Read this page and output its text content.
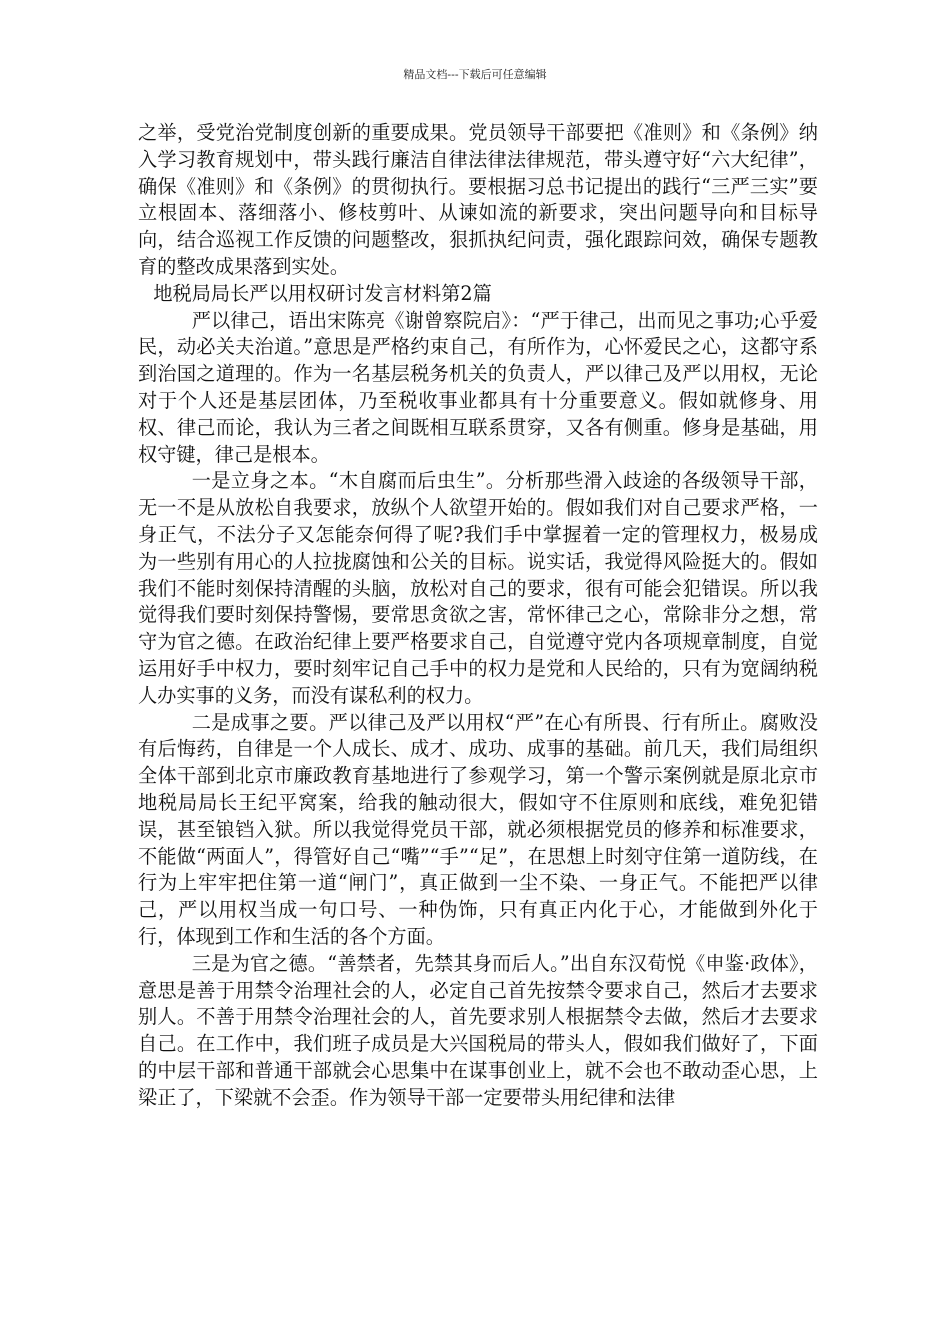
精品文档---下载后可任意编辑

之举，受党治党制度创新的重要成果。党员领导干部要把《准则》和《条例》纳入学习教育规划中，带头践行廉洁自律法律法律规范，带头遵守好“六大纪律”，确保《准则》和《条例》的贯彻执行。要根据习总书记提出的践行“三严三实”要立根固本、落细落小、修枝剪叶、从谏如流的新要求，突出问题导向和目标导向，结合巡视工作反馈的问题整改，狠抓执纪问责，强化跟踪问效，确保专题教育的整改成果落到实处。

地税局局长严以用权研讨发言材料第2篇

严以律己，语出宋陈亮《谢曾察院启》：“严于律己，出而见之事功;心乎爱民，动必关夫治道。”意思是严格约束自己，有所作为，心怀爱民之心，这都守系到治国之道理的。作为一名基层税务机关的负责人，严以律己及严以用权，无论对于个人还是基层团体，乃至税收事业都具有十分重要意义。假如就修身、用权、律己而论，我认为三者之间既相互联系贯穿，又各有侧重。修身是基础，用权守键，律己是根本。

一是立身之本。“木自腐而后虫生”。分析那些滑入歧途的各级领导干部，无一不是从放松自我要求，放纵个人欲望开始的。假如我们对自己要求严格，一身正气，不法分子又怎能奈何得了呢?我们手中掌握着一定的管理权力，极易成为一些别有用心的人拉拢腐蚀和公关的目标。说实话，我觉得风险挺大的。假如我们不能时刻保持清醒的头脑，放松对自己的要求，很有可能会犯错误。所以我觉得我们要时刻保持警惕，要常思贪欲之害，常怀律己之心，常除非分之想，常守为官之德。在政治纪律上要严格要求自己，自觉遵守党内各项规章制度，自觉运用好手中权力，要时刻牢记自己手中的权力是党和人民给的，只有为宽阔纳税人办实事的义务，而没有谋私利的权力。

二是成事之要。严以律己及严以用权“严”在心有所畏、行有所止。腐败没有后悔药，自律是一个人成长、成才、成功、成事的基础。前几天，我们局组织全体干部到北京市廉政教育基地进行了参观学习，第一个警示案例就是原北京市地税局局长王纪平窝案，给我的触动很大，假如守不住原则和底线，难免犯错误，甚至锒铛入狱。所以我觉得党员干部，就必须根据党员的修养和标准要求，不能做“两面人”，得管好自己“嘴”“手”“足”，在思想上时刻守住第一道防线，在行为上牢牢把住第一道“闸门”，真正做到一尘不染、一身正气。不能把严以律己，严以用权当成一句口号、一种伪饰，只有真正内化于心，才能做到外化于行，体现到工作和生活的各个方面。

三是为官之德。“善禁者，先禁其身而后人。”出自东汉荀悦《申鉴·政体》，意思是善于用禁令治理社会的人，必定自己首先按禁令要求自己，然后才去要求别人。不善于用禁令治理社会的人，首先要求别人根据禁令去做，然后才去要求自己。在工作中，我们班子成员是大兴国税局的带头人，假如我们做好了，下面的中层干部和普通干部就会心思集中在谋事创业上，就不会也不敢动歪心思，上梁正了，下梁就不会歪。作为领导干部一定要带头用纪律和法律
